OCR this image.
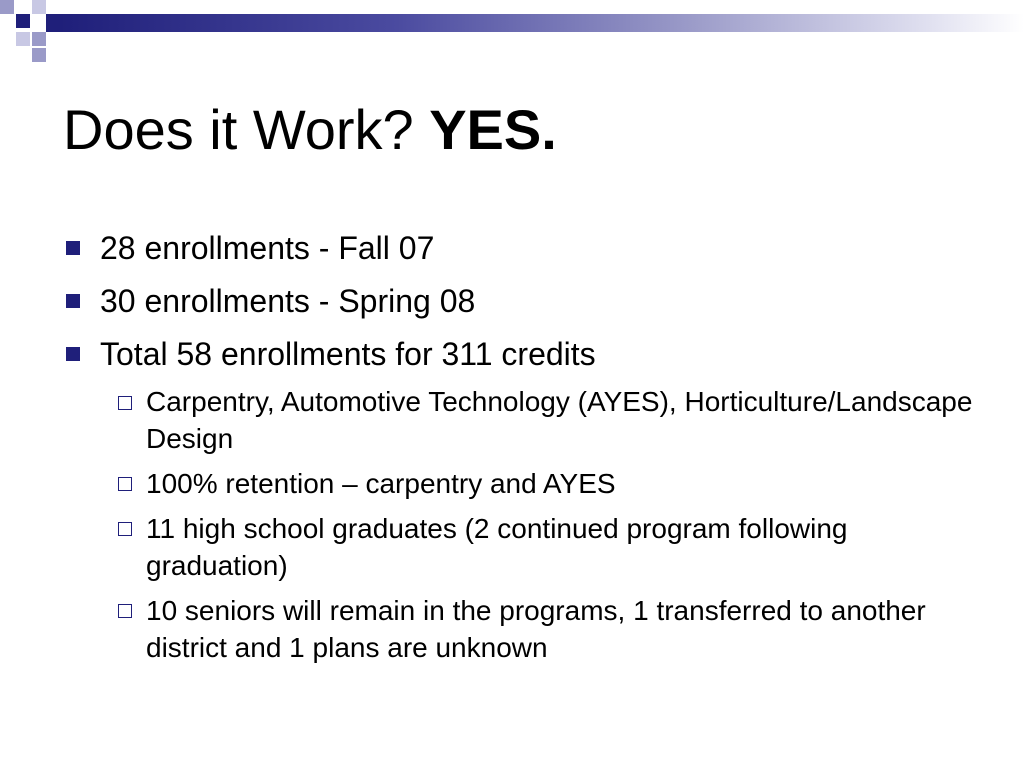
Does it Work? YES.
28 enrollments - Fall 07
30 enrollments - Spring 08
Total 58 enrollments for 311 credits
Carpentry, Automotive Technology (AYES), Horticulture/Landscape Design
100% retention – carpentry and AYES
11 high school graduates (2 continued program following graduation)
10 seniors will remain in the programs, 1 transferred to another district and 1 plans are unknown
